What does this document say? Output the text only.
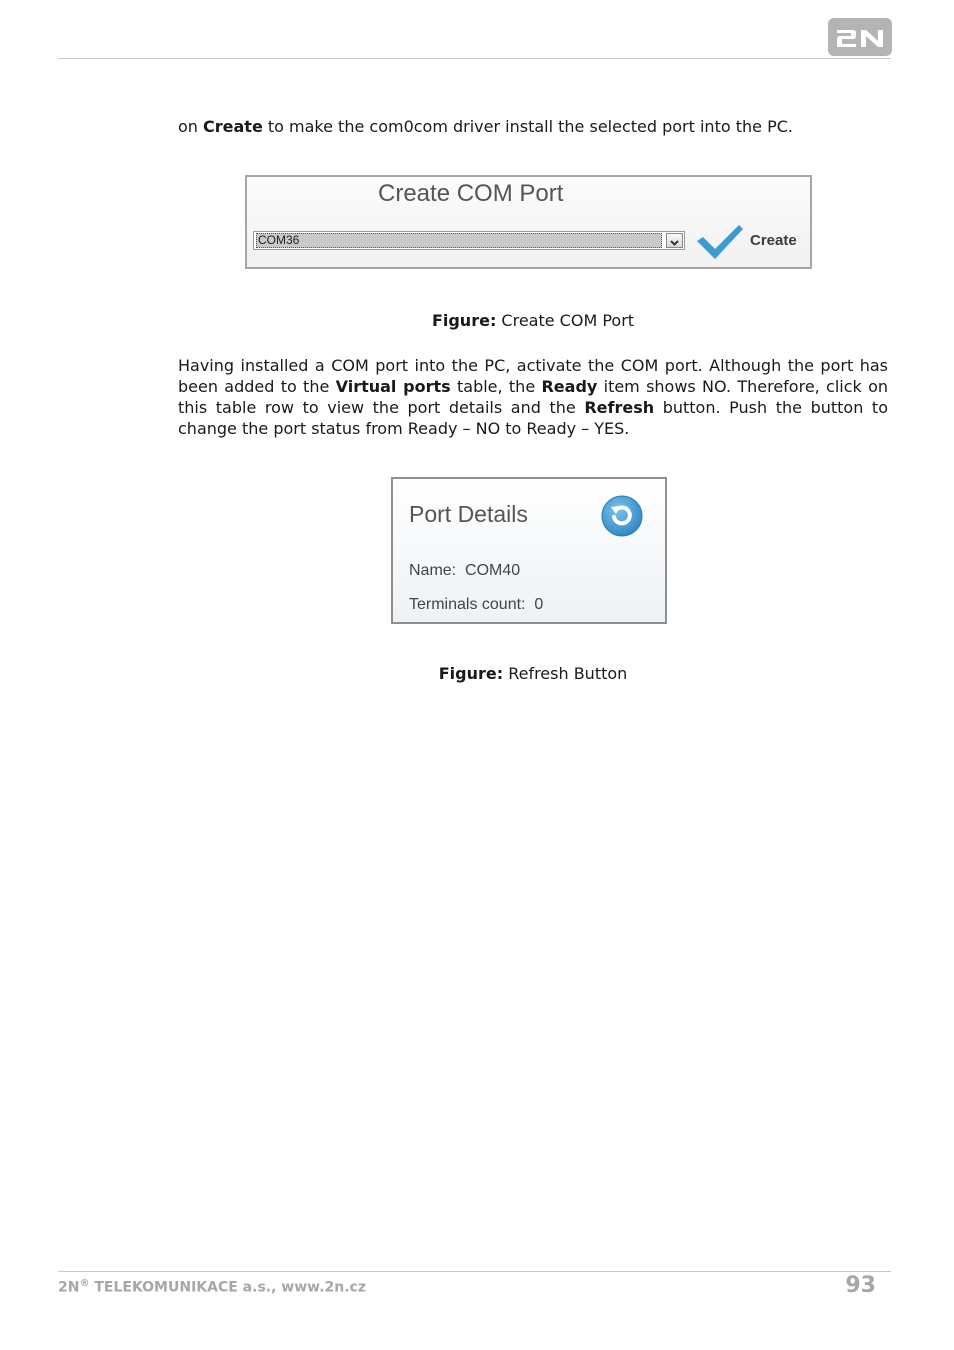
on Create to make the com0com driver install the selected port into the PC.

Create COM Port
COM36	Create

Figure: Create COM Port

Having installed a COM port into the PC, activate the COM port. Although the port has been added to the Virtual ports table, the Ready item shows NO. Therefore, click on this table row to view the port details and the Refresh button. Push the button to change the port status from Ready – NO to Ready – YES.

Port Details
Name: COM40
Terminals count: 0

Figure: Refresh Button

2N® TELEKOMUNIKACE a.s., www.2n.cz	93
